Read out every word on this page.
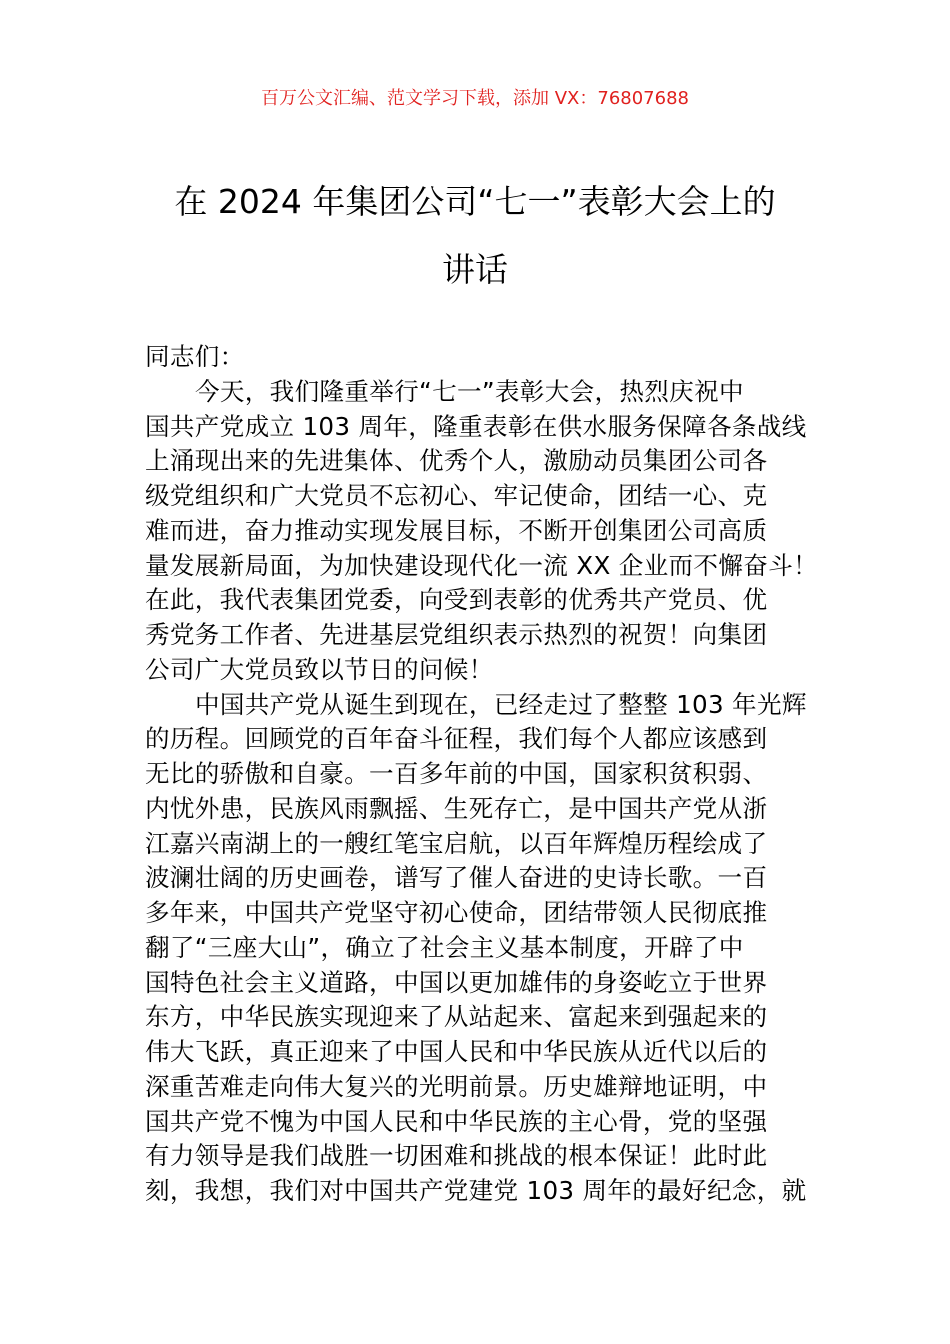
百万公文汇编、范文学习下载，添加 VX：76807688
在 2024 年集团公司“七一”表彰大会上的
讲话
同志们：
今天，我们隆重举行“七一”表彰大会，热烈庆祝中
国共产党成立 103 周年，隆重表彰在供水服务保障各条战线
上涌现出来的先进集体、优秀个人，激励动员集团公司各
级党组织和广大党员不忘初心、牢记使命，团结一心、克
难而进，奋力推动实现发展目标，不断开创集团公司高质
量发展新局面，为加快建设现代化一流 XX 企业而不懈奋斗！
在此，我代表集团党委，向受到表彰的优秀共产党员、优
秀党务工作者、先进基层党组织表示热烈的祝贺！向集团
公司广大党员致以节日的问候！
中国共产党从诞生到现在，已经走过了整整 103 年光辉
的历程。回顾党的百年奋斗征程，我们每个人都应该感到
无比的骄傲和自豪。一百多年前的中国，国家积贫积弱、
内忧外患，民族风雨飘摇、生死存亡，是中国共产党从浙
江嘉兴南湖上的一艘红笔宝启航，以百年辉煌历程绘成了
波澜壮阔的历史画卷，谱写了催人奋进的史诗长歌。一百
多年来，中国共产党坚守初心使命，团结带领人民彻底推
翻了“三座大山”，确立了社会主义基本制度，开辟了中
国特色社会主义道路，中国以更加雄伟的身姿屹立于世界
东方，中华民族实现迎来了从站起来、富起来到强起来的
伟大飞跃，真正迎来了中国人民和中华民族从近代以后的
深重苦难走向伟大复兴的光明前景。历史雄辩地证明，中
国共产党不愧为中国人民和中华民族的主心骨，党的坚强
有力领导是我们战胜一切困难和挑战的根本保证！此时此
刻，我想，我们对中国共产党建党 103 周年的最好纪念，就
